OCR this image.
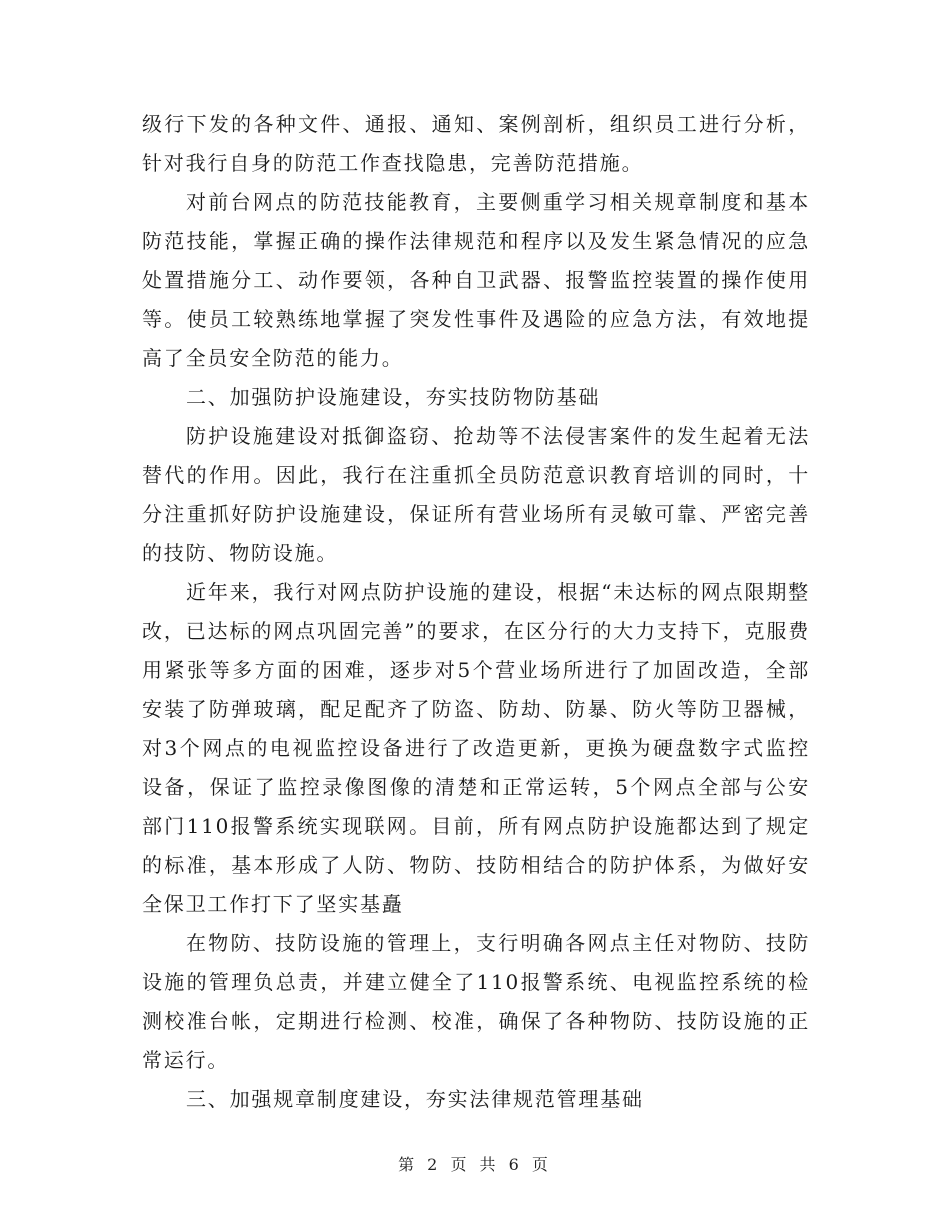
级行下发的各种文件、通报、通知、案例剖析，组织员工进行分析，针对我行自身的防范工作查找隐患，完善防范措施。

对前台网点的防范技能教育，主要侧重学习相关规章制度和基本防范技能，掌握正确的操作法律规范和程序以及发生紧急情况的应急处置措施分工、动作要领，各种自卫武器、报警监控装置的操作使用等。使员工较熟练地掌握了突发性事件及遇险的应急方法，有效地提高了全员安全防范的能力。

二、加强防护设施建设，夯实技防物防基础

防护设施建设对抵御盗窃、抢劫等不法侵害案件的发生起着无法替代的作用。因此，我行在注重抓全员防范意识教育培训的同时，十分注重抓好防护设施建设，保证所有营业场所有灵敏可靠、严密完善的技防、物防设施。

近年来，我行对网点防护设施的建设，根据“未达标的网点限期整改，已达标的网点巩固完善”的要求，在区分行的大力支持下，克服费用紧张等多方面的困难，逐步对5个营业场所进行了加固改造，全部安装了防弹玻璃，配足配齐了防盗、防劫、防暴、防火等防卫器械，对3个网点的电视监控设备进行了改造更新，更换为硬盘数字式监控设备，保证了监控录像图像的清楚和正常运转，5个网点全部与公安部门110报警系统实现联网。目前，所有网点防护设施都达到了规定的标准，基本形成了人防、物防、技防相结合的防护体系，为做好安全保卫工作打下了坚实基矗

在物防、技防设施的管理上，支行明确各网点主任对物防、技防设施的管理负总责，并建立健全了110报警系统、电视监控系统的检测校准台帐，定期进行检测、校准，确保了各种物防、技防设施的正常运行。

三、加强规章制度建设，夯实法律规范管理基础

第 2 页 共 6 页
